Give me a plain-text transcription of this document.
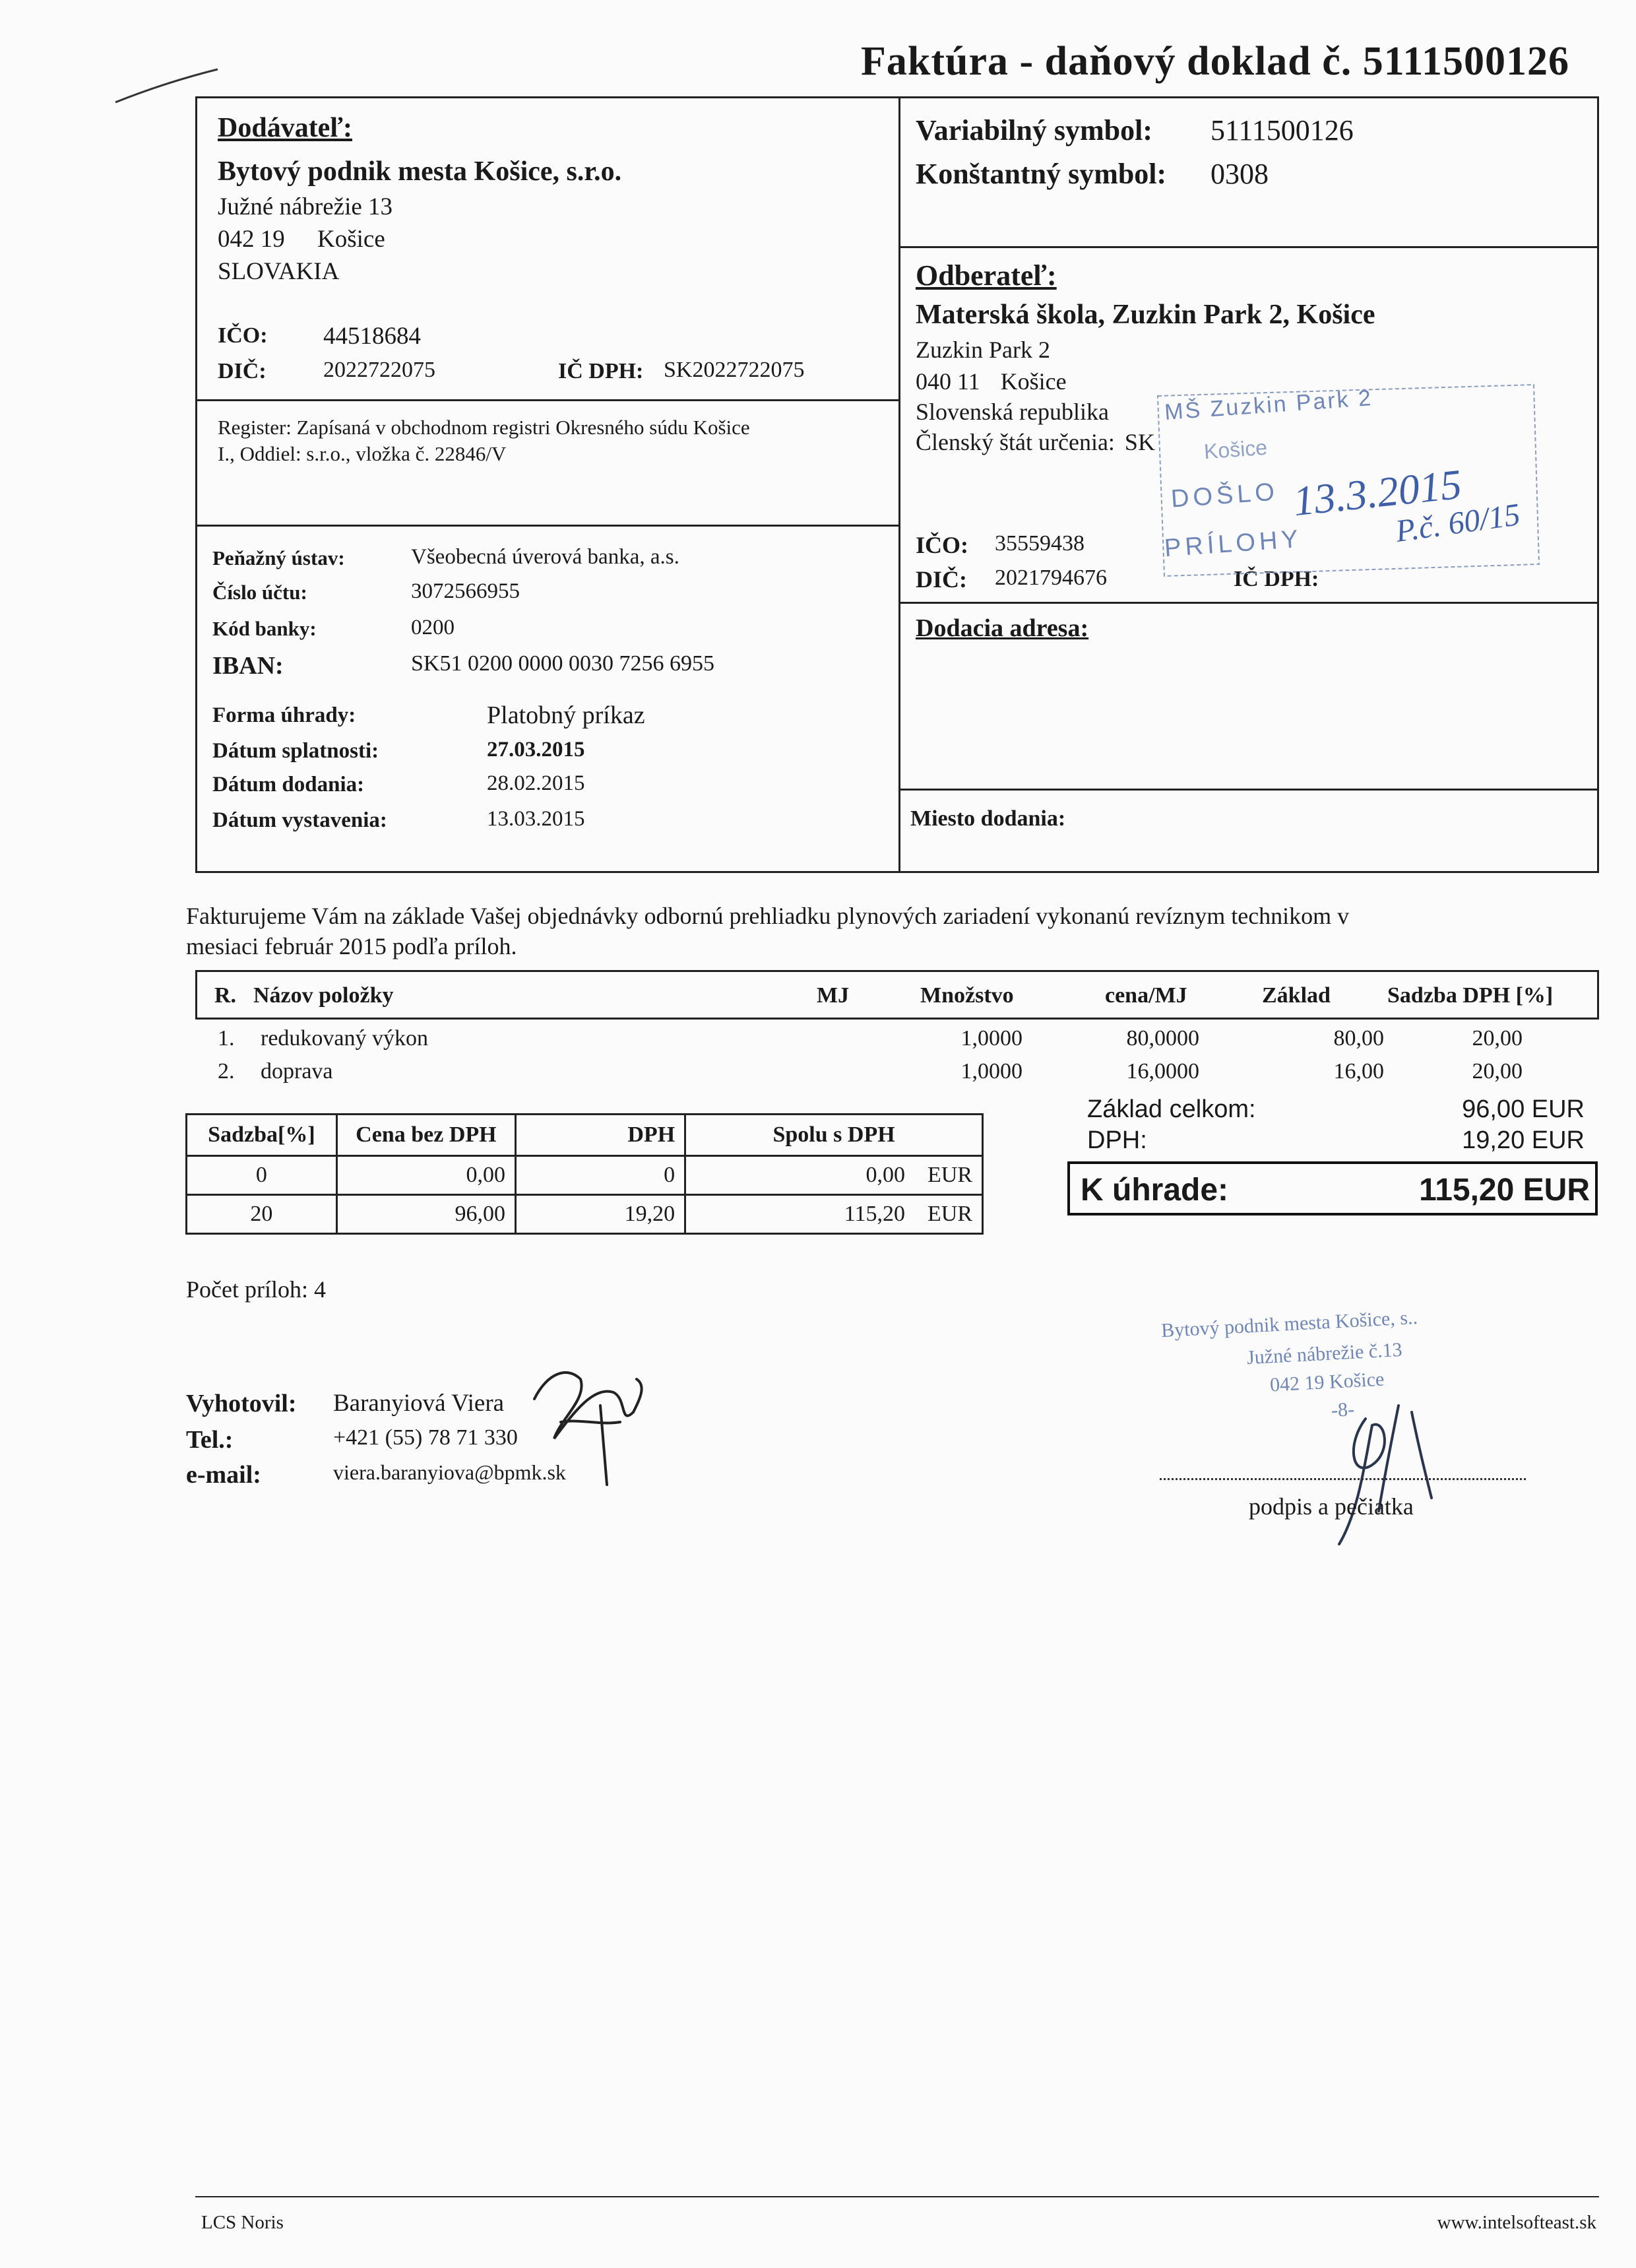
Faktúra - daňový doklad č. 5111500126
Dodávateľ:
Bytový podnik mesta Košice, s.r.o.
Južné nábrežie 13
042 19 Košice
SLOVAKIA
IČO: 44518684
DIČ:	2022722075	IČ DPH: SK2022722075
Register: Zapísaná v obchodnom registri Okresného súdu Košice
I., Oddiel: s.r.o., vložka č. 22846/V
Peňažný ústav:	Všeobecná úverová banka, a.s.
Číslo účtu:	3072566955
Kód banky:	0200
IBAN:	SK51 0200 0000 0030 7256 6955
Forma úhrady:	Platobný príkaz
Dátum splatnosti:	27.03.2015
Dátum dodania:	28.02.2015
Dátum vystavenia:	13.03.2015
Variabilný symbol: 5111500126
Konštantný symbol: 0308
Odberateľ:
Materská škola, Zuzkin Park 2, Košice
Zuzkin Park 2
040 11 Košice
Slovenská republika
Členský štát určenia: SK
IČO: 35559438
DIČ: 2021794676	IČ DPH:
Dodacia adresa:
Miesto dodania:
MŠ Zuzkin Park 2
Košice
DOŠLO 13.3.2015
PRÍLOHY	P.č. 60/15
Fakturujeme Vám na základe Vašej objednávky odbornú prehliadku plynových zariadení vykonanú revíznym technikom v
mesiaci február 2015 podľa príloh.
R. Názov položky	MJ	Množstvo	cena/MJ	Základ	Sadzba DPH [%]
1. redukovaný výkon	1,0000	80,0000	80,00	20,00
2. doprava	1,0000	16,0000	16,00	20,00
Sadzba[%]	Cena bez DPH	DPH	Spolu s DPH
0	0,00	0	0,00 EUR
20	96,00	19,20	115,20 EUR
Základ celkom:	96,00 EUR
DPH:	19,20 EUR
K úhrade:	115,20 EUR
Počet príloh: 4
Vyhotovil: Baranyiová Viera
Tel.:	+421 (55) 78 71 330
e-mail:	viera.baranyiova@bpmk.sk
Bytový podnik mesta Košice, s..
Južné nábrežie č.13
042 19 Košice
-8-
podpis a pečiatka
LCS Noris	www.intelsofteast.sk
